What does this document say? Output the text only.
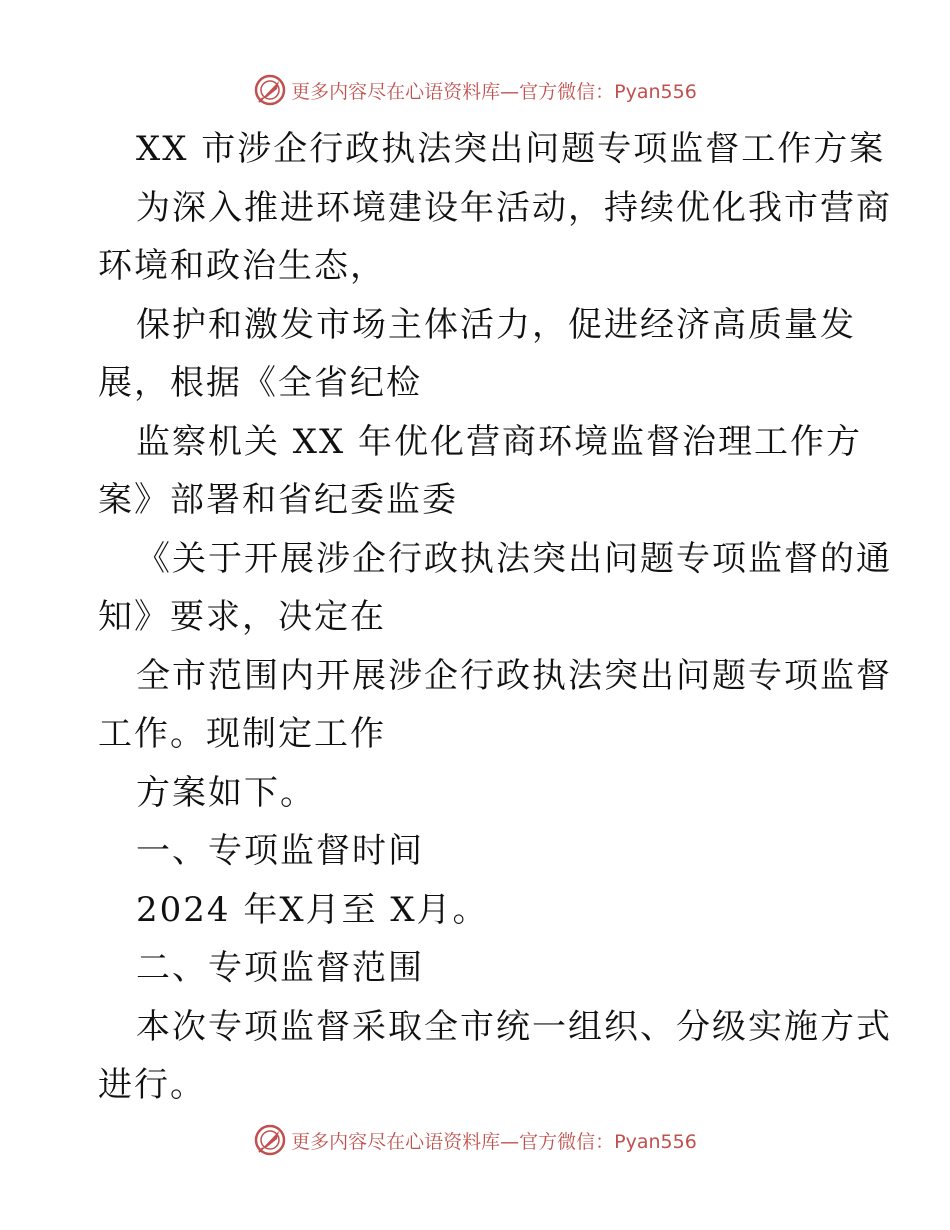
更多内容尽在心语资料库—官方微信：Pyan556
XX 市涉企行政执法突出问题专项监督工作方案
为深入推进环境建设年活动，持续优化我市营商
环境和政治生态，
保护和激发市场主体活力，促进经济高质量发
展，根据《全省纪检
监察机关 XX 年优化营商环境监督治理工作方
案》部署和省纪委监委
《关于开展涉企行政执法突出问题专项监督的通
知》要求，决定在
全市范围内开展涉企行政执法突出问题专项监督
工作。现制定工作
方案如下。
一、专项监督时间
2024 年X月至 X月。
二、专项监督范围
本次专项监督采取全市统一组织、分级实施方式
进行。
更多内容尽在心语资料库—官方微信：Pyan556
